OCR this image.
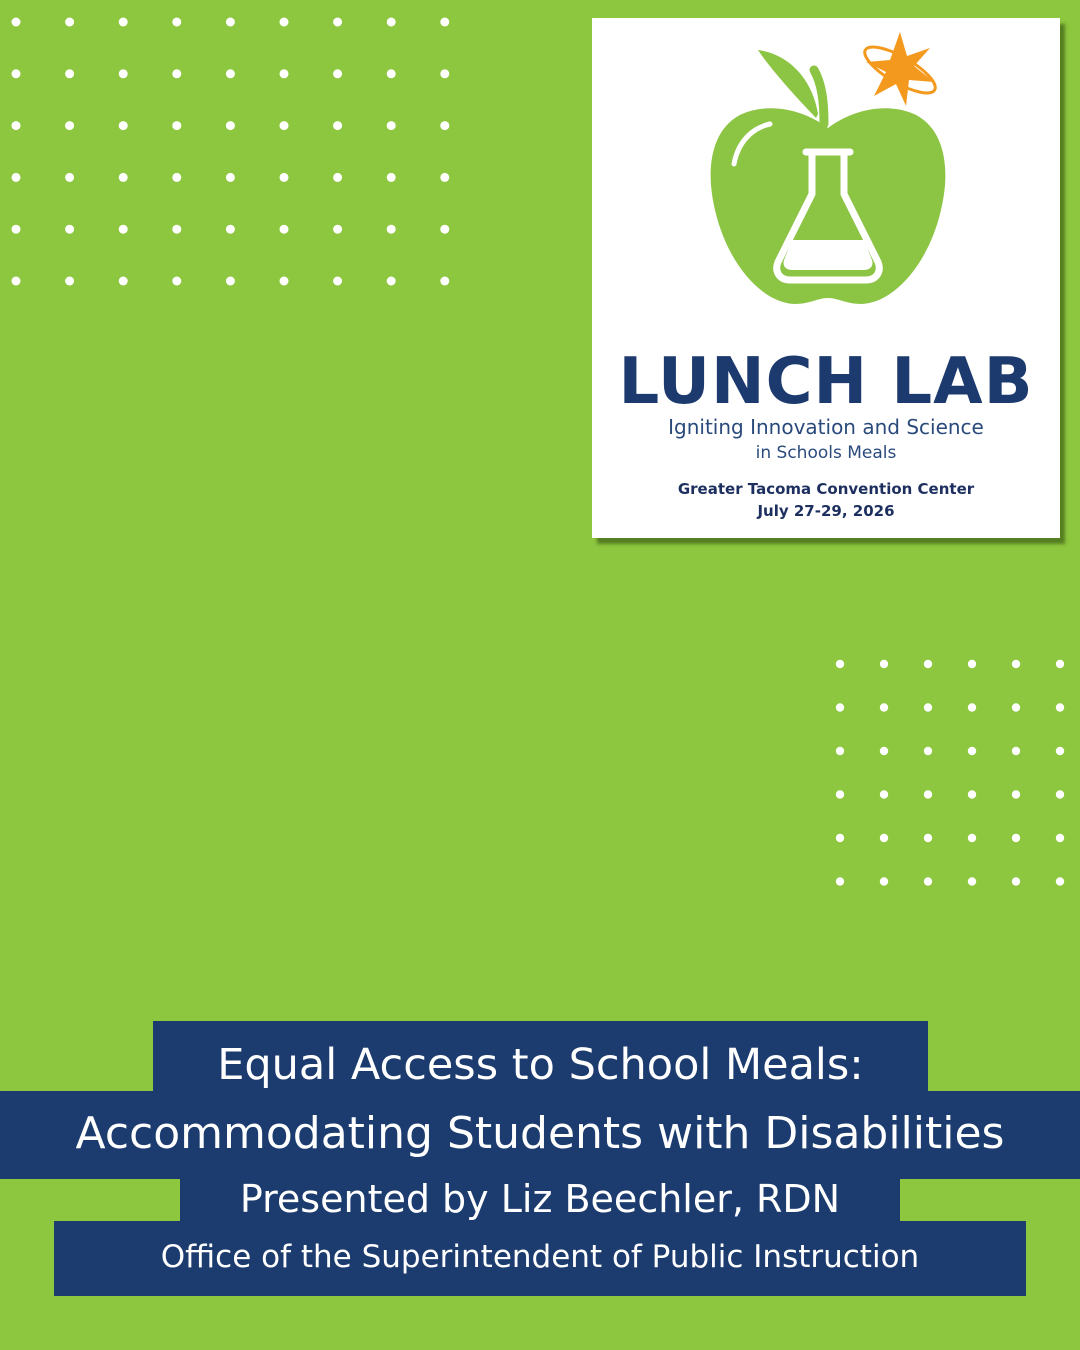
LUNCH LAB
Igniting Innovation and Science
in Schools Meals
Greater Tacoma Convention Center
July 27-29, 2026
Equal Access to School Meals:
Accommodating Students with Disabilities
Presented by Liz Beechler, RDN
Office of the Superintendent of Public Instruction
